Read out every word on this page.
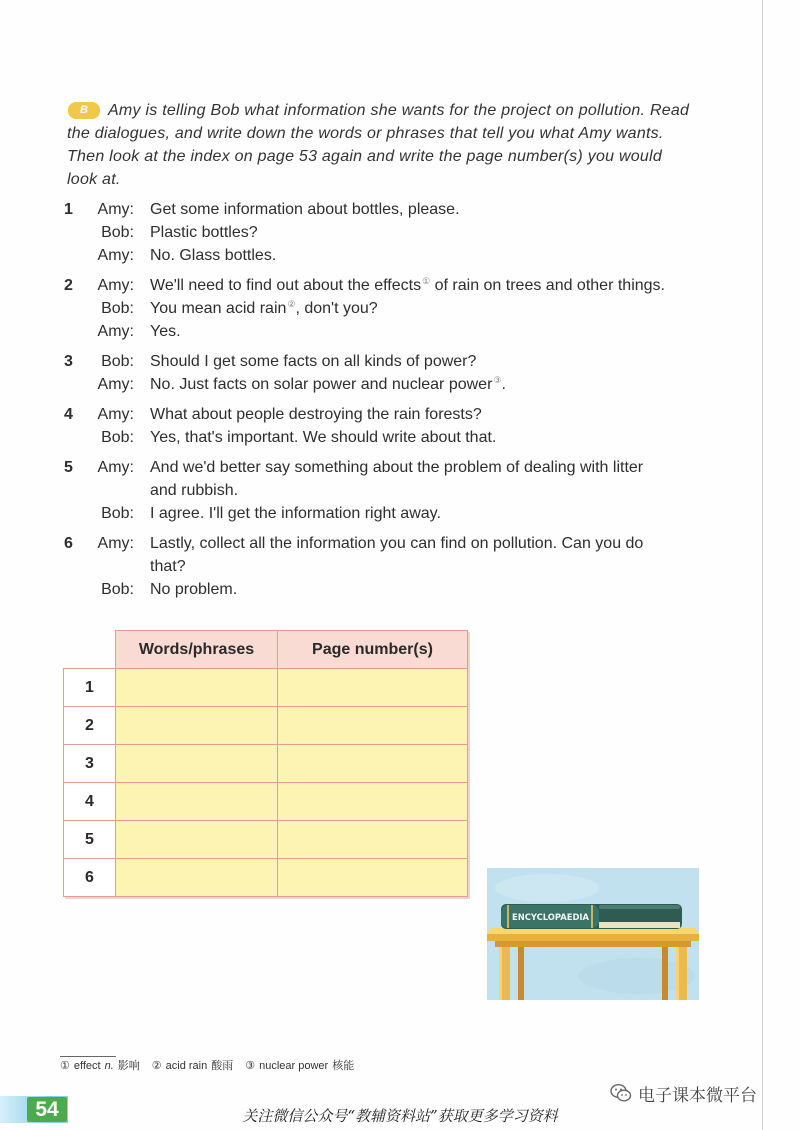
B Amy is telling Bob what information she wants for the project on pollution. Read
the dialogues, and write down the words or phrases that tell you what Amy wants.
Then look at the index on page 53 again and write the page number(s) you would
look at.
1	Amy: Get some information about bottles, please.
Bob: Plastic bottles?
Amy: No. Glass bottles.
2	Amy: We'll need to find out about the effects① of rain on trees and other things.
Bob: You mean acid rain②, don't you?
Amy: Yes.
3	Bob: Should I get some facts on all kinds of power?
Amy: No. Just facts on solar power and nuclear power③.
4	Amy: What about people destroying the rain forests?
Bob: Yes, that's important. We should write about that.
5	Amy: And we'd better say something about the problem of dealing with litter
and rubbish.
Bob: I agree. I'll get the information right away.
6	Amy: Lastly, collect all the information you can find on pollution. Can you do
that?
Bob: No problem.
	Words/phrases	Page number(s)
1		
2		
3		
4		
5		
6		
ENCYCLOPAEDIA
① effect n. 影响 ② acid rain 酸雨 ③ nuclear power 核能
54
电子课本微平台
关注微信公众号“教辅资料站”获取更多学习资料
